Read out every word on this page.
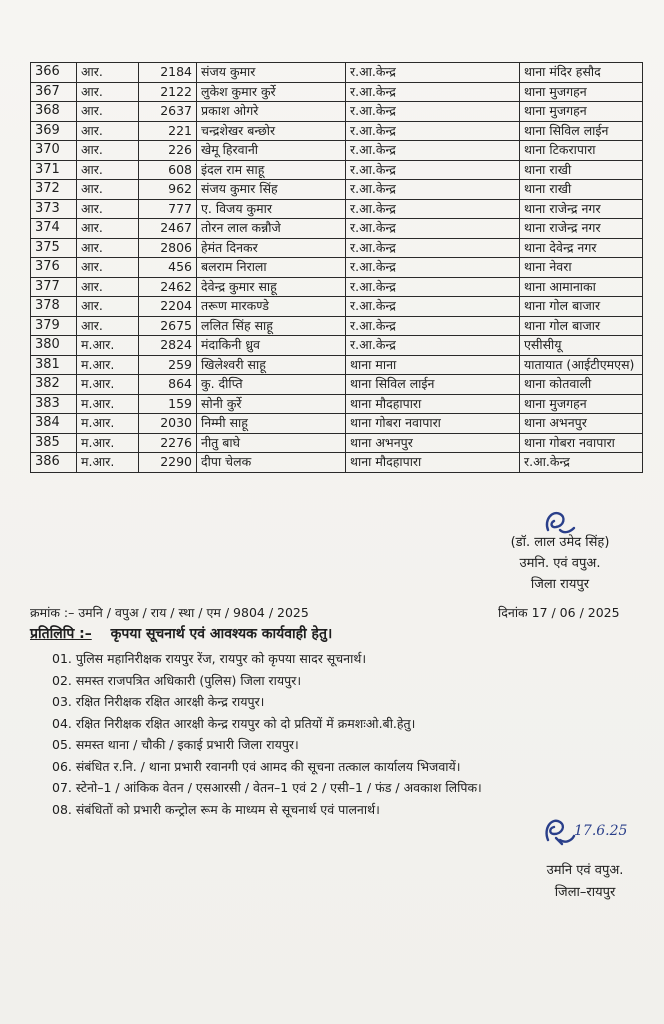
366	आर.	2184	संजय कुमार	र.आ.केन्द्र	थाना मंदिर हसौद
367	आर.	2122	लुकेश कुमार कुर्रे	र.आ.केन्द्र	थाना मुजगहन
368	आर.	2637	प्रकाश ओगरे	र.आ.केन्द्र	थाना मुजगहन
369	आर.	221	चन्द्रशेखर बन्छोर	र.आ.केन्द्र	थाना सिविल लाईन
370	आर.	226	खेमू हिरवानी	र.आ.केन्द्र	थाना टिकरापारा
371	आर.	608	इंदल राम साहू	र.आ.केन्द्र	थाना राखी
372	आर.	962	संजय कुमार सिंह	र.आ.केन्द्र	थाना राखी
373	आर.	777	ए. विजय कुमार	र.आ.केन्द्र	थाना राजेन्द्र नगर
374	आर.	2467	तोरन लाल कन्नौजे	र.आ.केन्द्र	थाना राजेन्द्र नगर
375	आर.	2806	हेमंत दिनकर	र.आ.केन्द्र	थाना देवेन्द्र नगर
376	आर.	456	बलराम निराला	र.आ.केन्द्र	थाना नेवरा
377	आर.	2462	देवेन्द्र कुमार साहू	र.आ.केन्द्र	थाना आमानाका
378	आर.	2204	तरूण मारकण्डे	र.आ.केन्द्र	थाना गोल बाजार
379	आर.	2675	ललित सिंह साहू	र.आ.केन्द्र	थाना गोल बाजार
380	म.आर.	2824	मंदाकिनी ध्रुव	र.आ.केन्द्र	एसीसीयू
381	म.आर.	259	खिलेश्वरी साहू	थाना माना	यातायात (आईटीएमएस)
382	म.आर.	864	कु. दीप्ति	थाना सिविल लाईन	थाना कोतवाली
383	म.आर.	159	सोनी कुर्रे	थाना मौदहापारा	थाना मुजगहन
384	म.आर.	2030	निम्मी साहू	थाना गोबरा नवापारा	थाना अभनपुर
385	म.आर.	2276	नीतु बाघे	थाना अभनपुर	थाना गोबरा नवापारा
386	म.आर.	2290	दीपा चेलक	थाना मौदहापारा	र.आ.केन्द्र
(डॉ. लाल उमेद सिंह)
उमनि. एवं वपुअ.
जिला रायपुर
क्रमांक :– उमनि / वपुअ / राय / स्था / एम / 9804 / 2025	दिनांक 17 / 06 / 2025
प्रतिलिपि :– कृपया सूचनार्थ एवं आवश्यक कार्यवाही हेतु।
01. पुलिस महानिरीक्षक रायपुर रेंज, रायपुर को कृपया सादर सूचनार्थ।
02. समस्त राजपत्रित अधिकारी (पुलिस) जिला रायपुर।
03. रक्षित निरीक्षक रक्षित आरक्षी केन्द्र रायपुर।
04. रक्षित निरीक्षक रक्षित आरक्षी केन्द्र रायपुर को दो प्रतियों में क्रमशःओ.बी.हेतु।
05. समस्त थाना / चौकी / इकाई प्रभारी जिला रायपुर।
06. संबंधित र.नि. / थाना प्रभारी रवानगी एवं आमद की सूचना तत्काल कार्यालय भिजवायें।
07. स्टेनो–1 / आंकिक वेतन / एसआरसी / वेतन–1 एवं 2 / एसी–1 / फंड / अवकाश लिपिक।
08. संबंधितों को प्रभारी कन्ट्रोल रूम के माध्यम से सूचनार्थ एवं पालनार्थ।
17.6.25
उमनि एवं वपुअ.
जिला–रायपुर
